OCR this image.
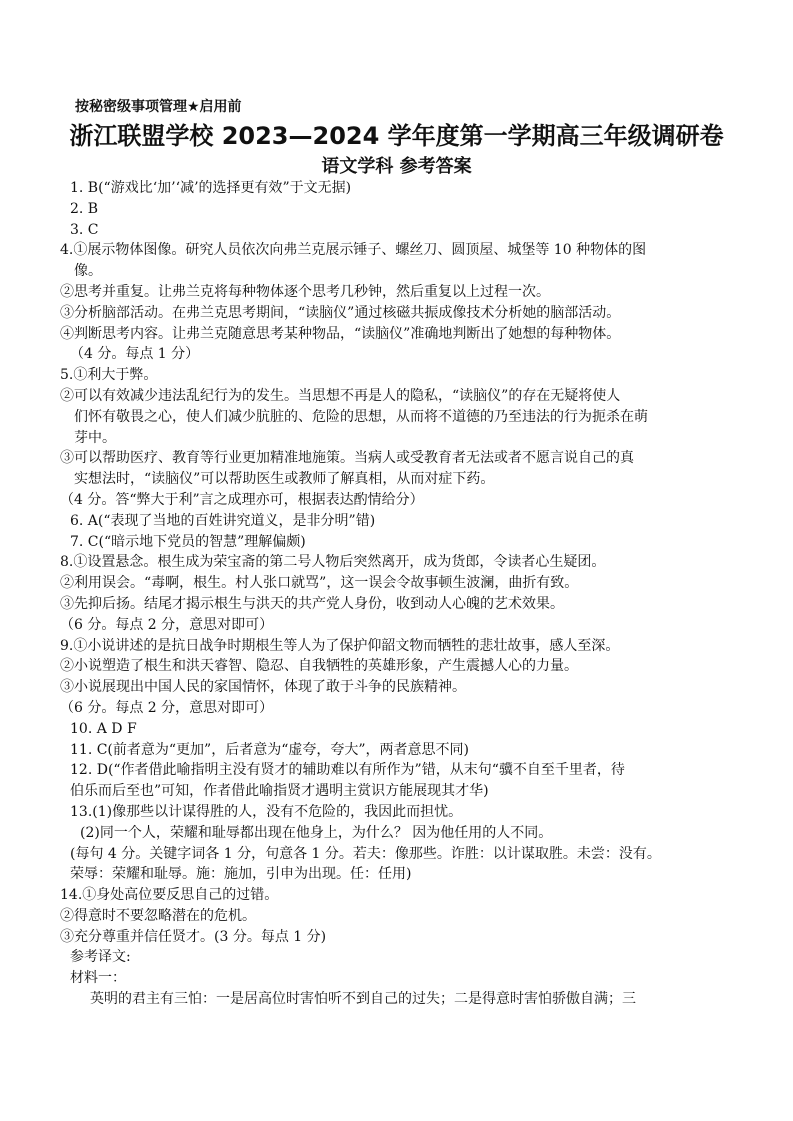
按秘密级事项管理★启用前
浙江联盟学校 2023—2024 学年度第一学期高三年级调研卷
语文学科 参考答案
1. B(“游戏比‘加’‘减’的选择更有效”于文无据)
2. B
3. C
4.①展示物体图像。研究人员依次向弗兰克展示锤子、螺丝刀、圆顶屋、城堡等 10 种物体的图
像。
②思考并重复。让弗兰克将每种物体逐个思考几秒钟，然后重复以上过程一次。
③分析脑部活动。在弗兰克思考期间，“读脑仪”通过核磁共振成像技术分析她的脑部活动。
④判断思考内容。让弗兰克随意思考某种物品，“读脑仪”准确地判断出了她想的每种物体。
（4 分。每点 1 分）
5.①利大于弊。
②可以有效减少违法乱纪行为的发生。当思想不再是人的隐私，“读脑仪”的存在无疑将使人
们怀有敬畏之心，使人们减少肮脏的、危险的思想，从而将不道德的乃至违法的行为扼杀在萌
芽中。
③可以帮助医疗、教育等行业更加精准地施策。当病人或受教育者无法或者不愿言说自己的真
实想法时，“读脑仪”可以帮助医生或教师了解真相，从而对症下药。
（4 分。答“弊大于利”言之成理亦可，根据表达酌情给分）
6. A(“表现了当地的百姓讲究道义，是非分明”错)
7. C(“暗示地下党员的智慧”理解偏颇)
8.①设置悬念。根生成为荣宝斋的第二号人物后突然离开，成为货郎，令读者心生疑团。
②利用误会。“毒啊，根生。村人张口就骂”，这一误会令故事顿生波澜，曲折有致。
③先抑后扬。结尾才揭示根生与洪天的共产党人身份，收到动人心魄的艺术效果。
（6 分。每点 2 分，意思对即可）
9.①小说讲述的是抗日战争时期根生等人为了保护仰韶文物而牺牲的悲壮故事，感人至深。
②小说塑造了根生和洪天睿智、隐忍、自我牺牲的英雄形象，产生震撼人心的力量。
③小说展现出中国人民的家国情怀，体现了敢于斗争的民族精神。
（6 分。每点 2 分，意思对即可）
10. A D F
11. C(前者意为“更加”，后者意为“虚夸，夸大”，两者意思不同)
12. D(“作者借此喻指明主没有贤才的辅助难以有所作为”错，从末句“骥不自至千里者，待
伯乐而后至也”可知，作者借此喻指贤才遇明主赏识方能展现其才华)
13.(1)像那些以计谋得胜的人，没有不危险的，我因此而担忧。
(2)同一个人，荣耀和耻辱都出现在他身上，为什么？ 因为他任用的人不同。
(每句 4 分。关键字词各 1 分，句意各 1 分。若夫：像那些。诈胜：以计谋取胜。未尝：没有。
荣辱：荣耀和耻辱。施：施加，引申为出现。任：任用)
14.①身处高位要反思自己的过错。
②得意时不要忽略潜在的危机。
③充分尊重并信任贤才。(3 分。每点 1 分)
参考译文:
材料一：
英明的君主有三怕：一是居高位时害怕听不到自己的过失；二是得意时害怕骄傲自满；三
